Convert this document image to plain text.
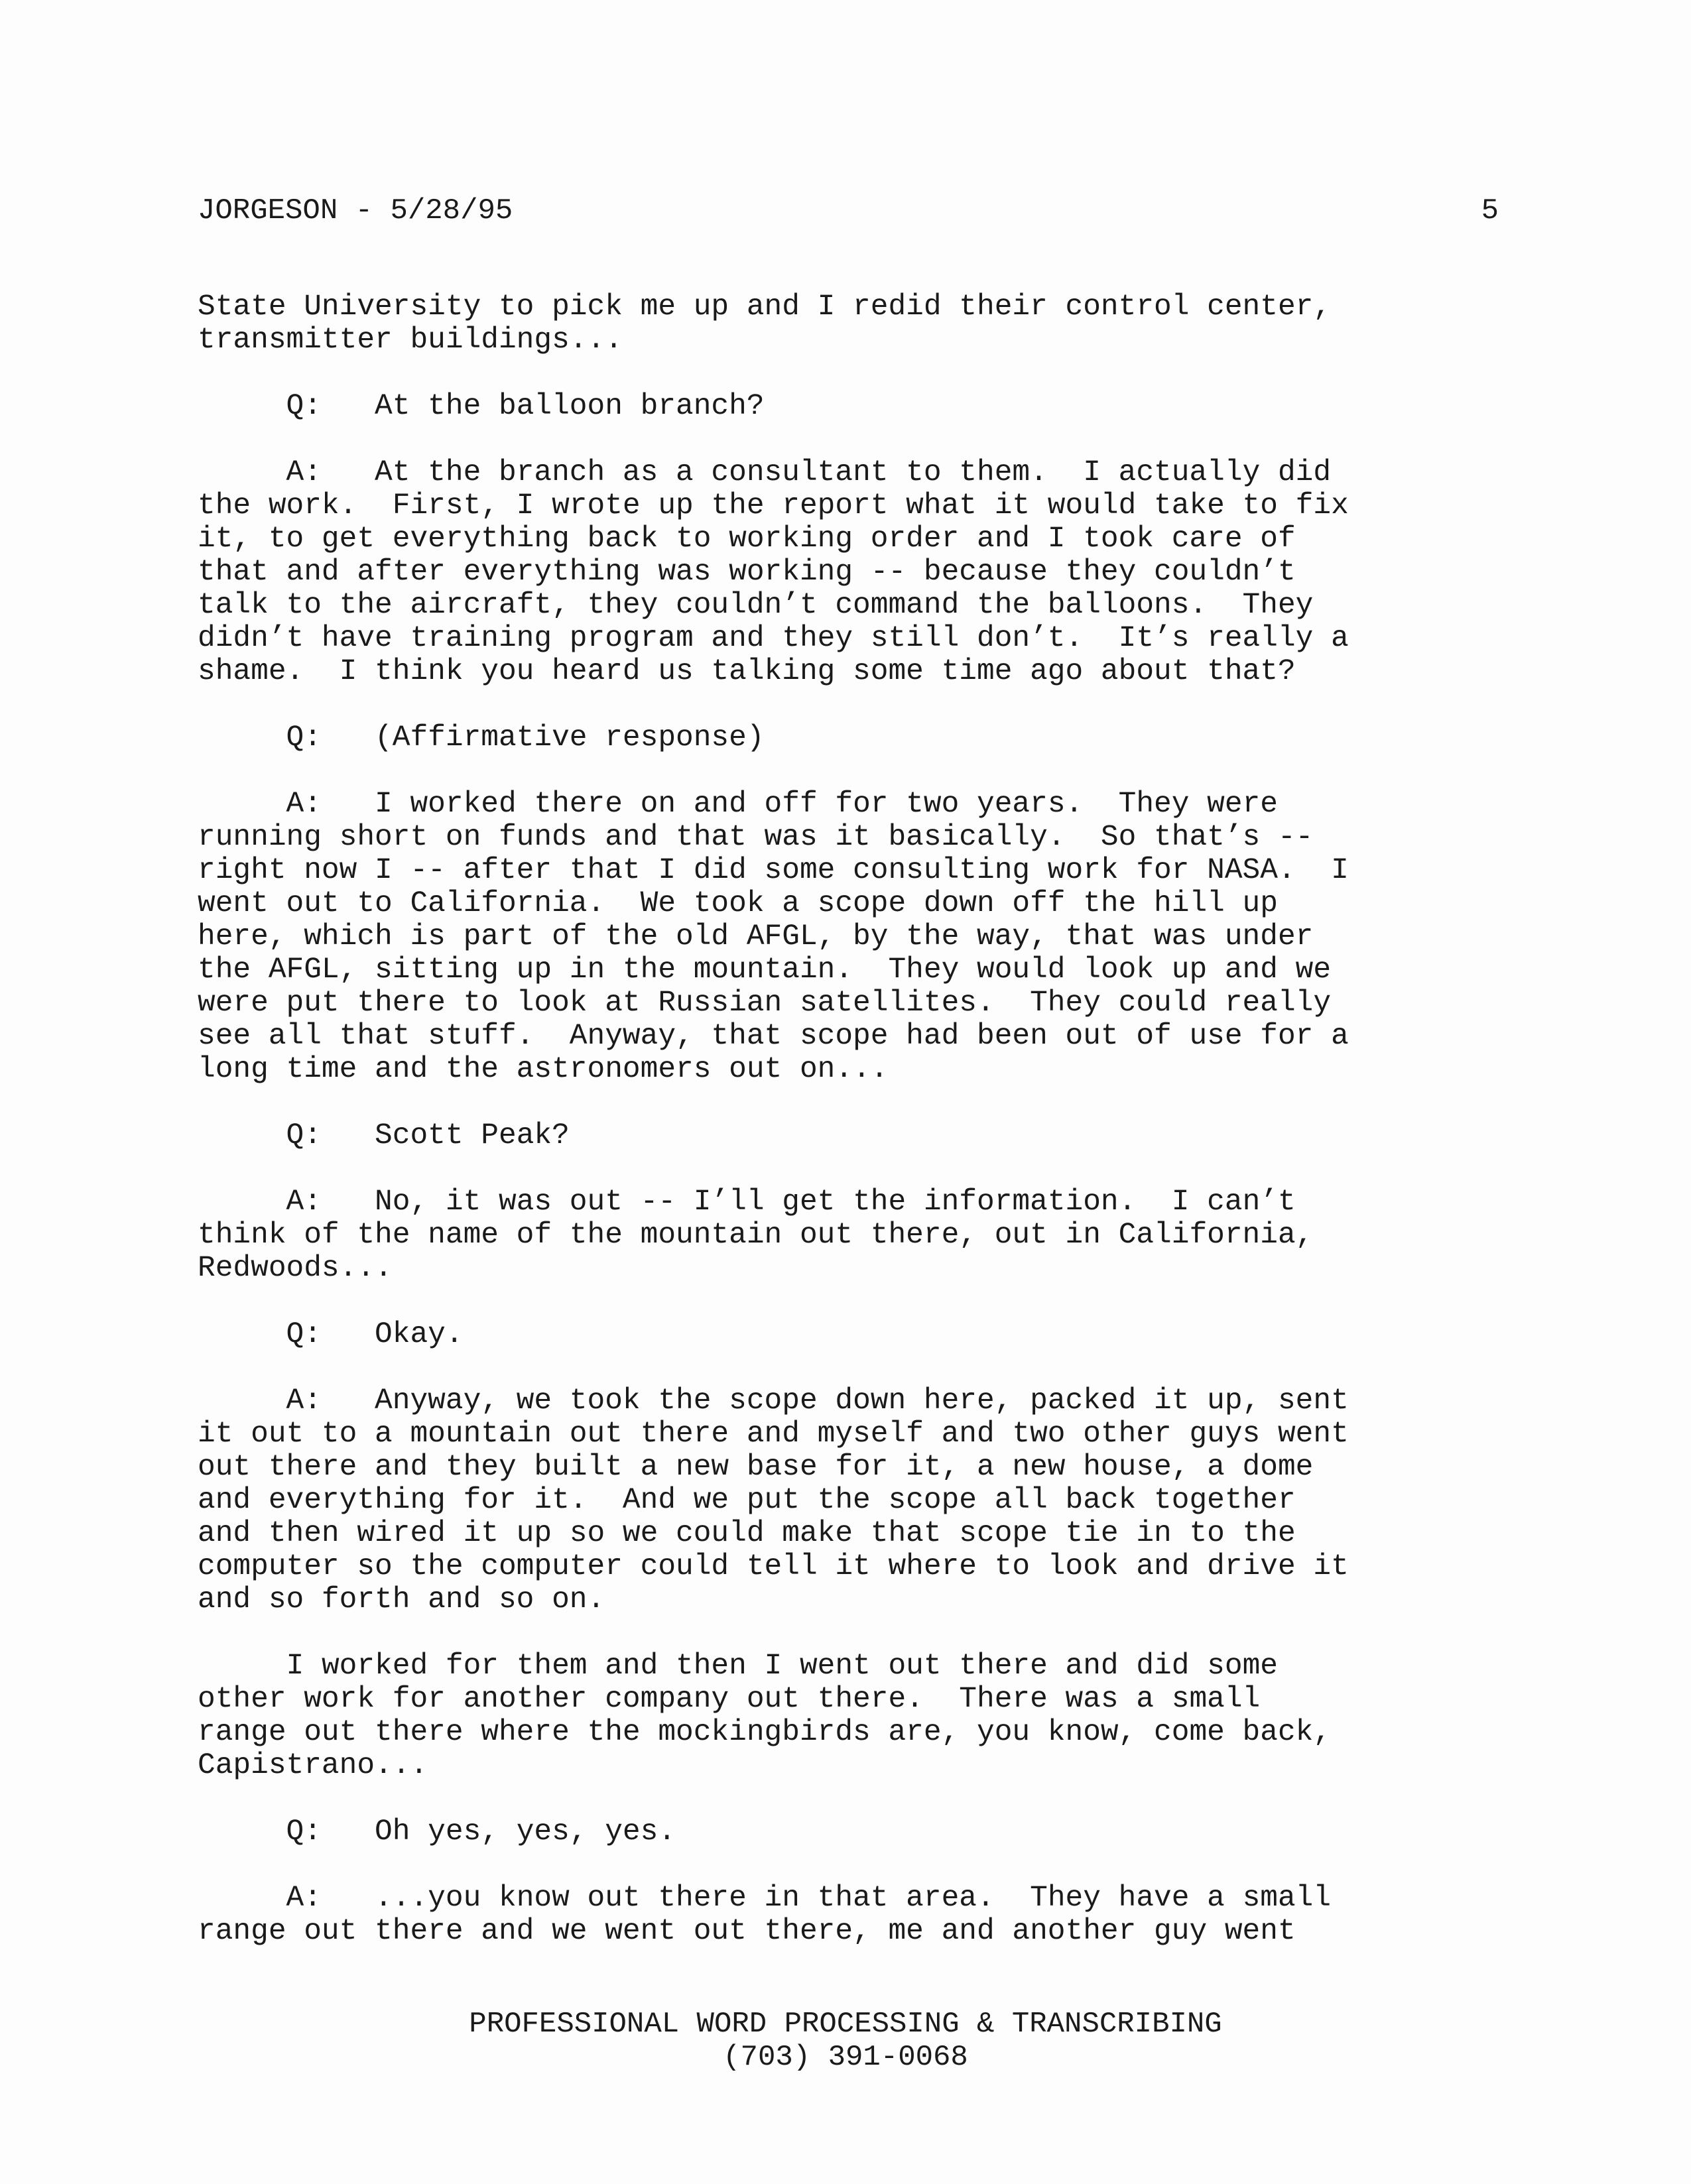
JORGESON - 5/28/95	5
State University to pick me up and I redid their control center,
transmitter buildings...
Q:   At the balloon branch?
A:   At the branch as a consultant to them.  I actually did
the work.  First, I wrote up the report what it would take to fix
it, to get everything back to working order and I took care of
that and after everything was working -- because they couldn’t
talk to the aircraft, they couldn’t command the balloons.  They
didn’t have training program and they still don’t.  It’s really a
shame.  I think you heard us talking some time ago about that?
Q:   (Affirmative response)
A:   I worked there on and off for two years.  They were
running short on funds and that was it basically.  So that’s --
right now I -- after that I did some consulting work for NASA.  I
went out to California.  We took a scope down off the hill up
here, which is part of the old AFGL, by the way, that was under
the AFGL, sitting up in the mountain.  They would look up and we
were put there to look at Russian satellites.  They could really
see all that stuff.  Anyway, that scope had been out of use for a
long time and the astronomers out on...
Q:   Scott Peak?
A:   No, it was out -- I’ll get the information.  I can’t
think of the name of the mountain out there, out in California,
Redwoods...
Q:   Okay.
A:   Anyway, we took the scope down here, packed it up, sent
it out to a mountain out there and myself and two other guys went
out there and they built a new base for it, a new house, a dome
and everything for it.  And we put the scope all back together
and then wired it up so we could make that scope tie in to the
computer so the computer could tell it where to look and drive it
and so forth and so on.
I worked for them and then I went out there and did some
other work for another company out there.  There was a small
range out there where the mockingbirds are, you know, come back,
Capistrano...
Q:   Oh yes, yes, yes.
A:   ...you know out there in that area.  They have a small
range out there and we went out there, me and another guy went
PROFESSIONAL WORD PROCESSING & TRANSCRIBING
(703) 391-0068
